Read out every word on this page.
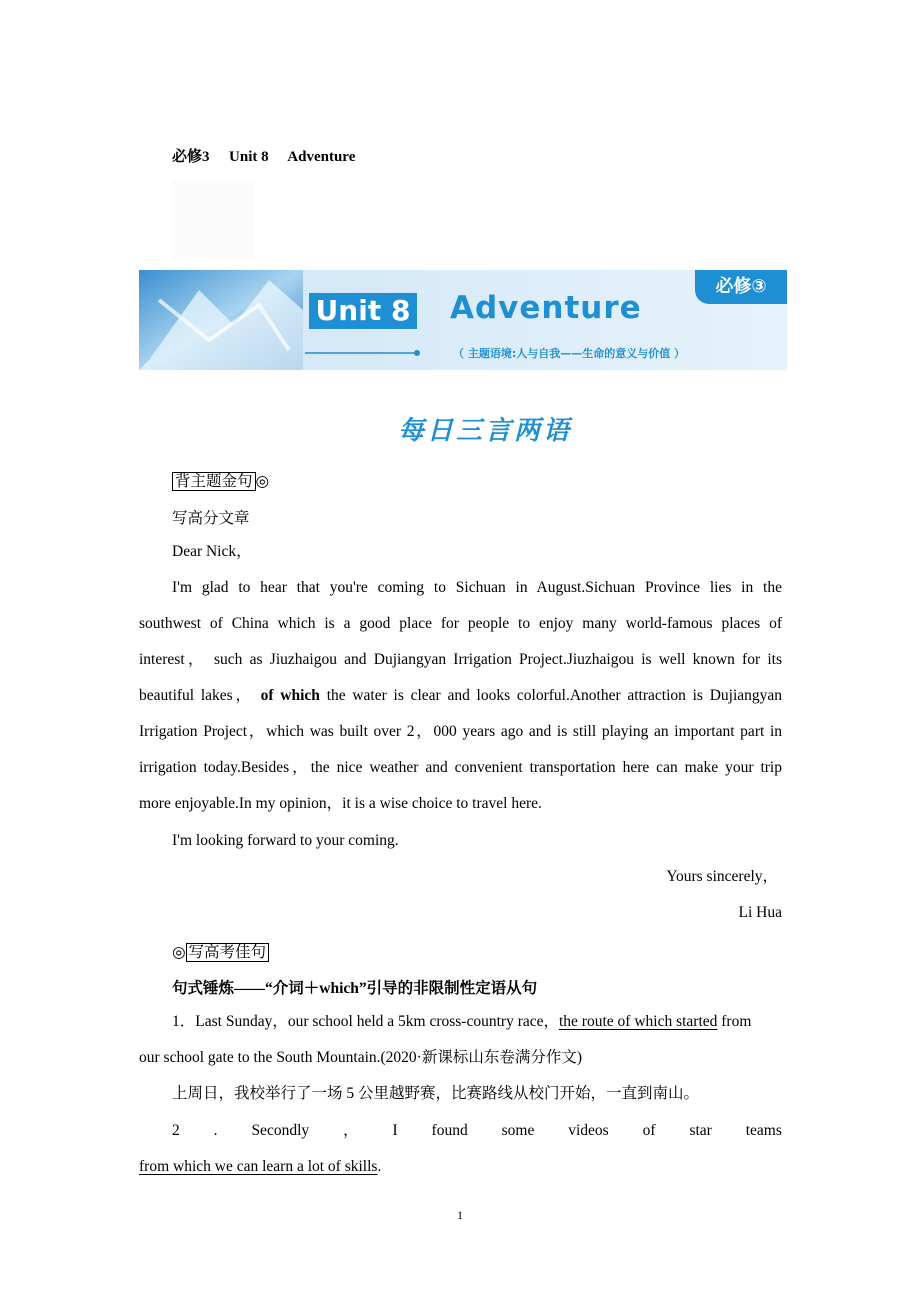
必修3 Unit 8 Adventure
Unit 8 Adventure
（ 主题语境:人与自我——生命的意义与价值 ）
必修③
每日三言两语
背主题金句 ◎
写高分文章
Dear Nick，
I'm glad to hear that you're coming to Sichuan in August.Sichuan Province lies in the
southwest of China which is a good place for people to enjoy many world-famous places of
interest， such as Jiuzhaigou and Dujiangyan Irrigation Project.Jiuzhaigou is well known for its
beautiful lakes， of which the water is clear and looks colorful.Another attraction is Dujiangyan
Irrigation Project，which was built over 2，000 years ago and is still playing an important part in
irrigation today.Besides，the nice weather and convenient transportation here can make your trip
more enjoyable.In my opinion，it is a wise choice to travel here.
I'm looking forward to your coming.
Yours sincerely，
Li Hua
◎ 写高考佳句
句式锤炼——“介词＋which”引导的非限制性定语从句
1．Last Sunday，our school held a 5km cross-country race，the route of which started from
our school gate to the South Mountain.(2020·新课标山东卷满分作文)
上周日，我校举行了一场 5 公里越野赛，比赛路线从校门开始，一直到南山。
2 . Secondly ， I found some videos of star teams
from which we can learn a lot of skills.
1
